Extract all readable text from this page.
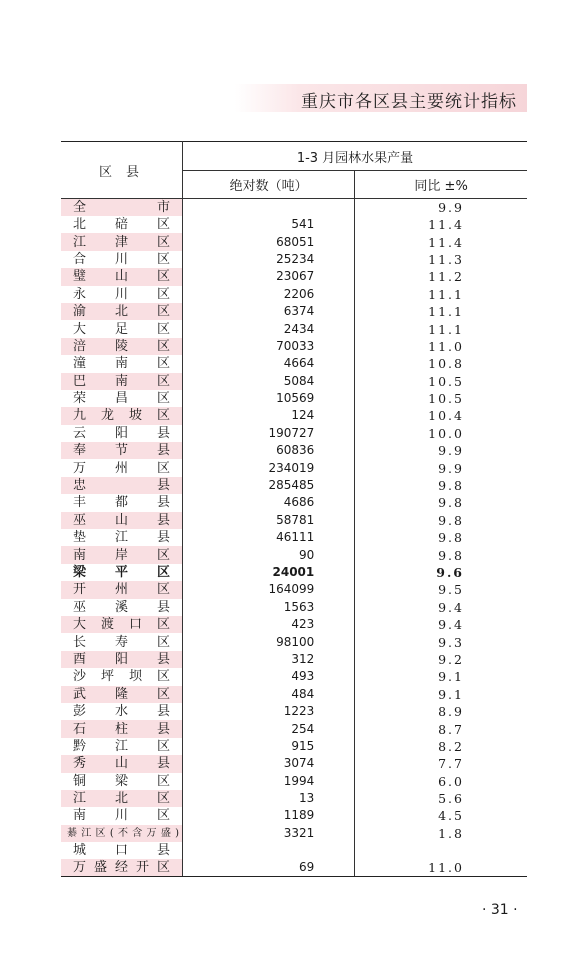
重庆市各区县主要统计指标
区县	1-3 月园林水果产量	
	绝对数（吨）	同比 ±%
全市		9.9
北碚区	541	11.4
江津区	68051	11.4
合川区	25234	11.3
璧山区	23067	11.2
永川区	2206	11.1
渝北区	6374	11.1
大足区	2434	11.1
涪陵区	70033	11.0
潼南区	4664	10.8
巴南区	5084	10.5
荣昌区	10569	10.5
九龙坡区	124	10.4
云阳县	190727	10.0
奉节县	60836	9.9
万州区	234019	9.9
忠县	285485	9.8
丰都县	4686	9.8
巫山县	58781	9.8
垫江县	46111	9.8
南岸区	90	9.8
梁平区	24001	9.6
开州区	164099	9.5
巫溪县	1563	9.4
大渡口区	423	9.4
长寿区	98100	9.3
酉阳县	312	9.2
沙坪坝区	493	9.1
武隆区	484	9.1
彭水县	1223	8.9
石柱县	254	8.7
黔江区	915	8.2
秀山县	3074	7.7
铜梁区	1994	6.0
江北区	13	5.6
南川区	1189	4.5
綦江区(不含万盛)	3321	1.8
城口县		
万盛经开区	69	11.0
· 31 ·
